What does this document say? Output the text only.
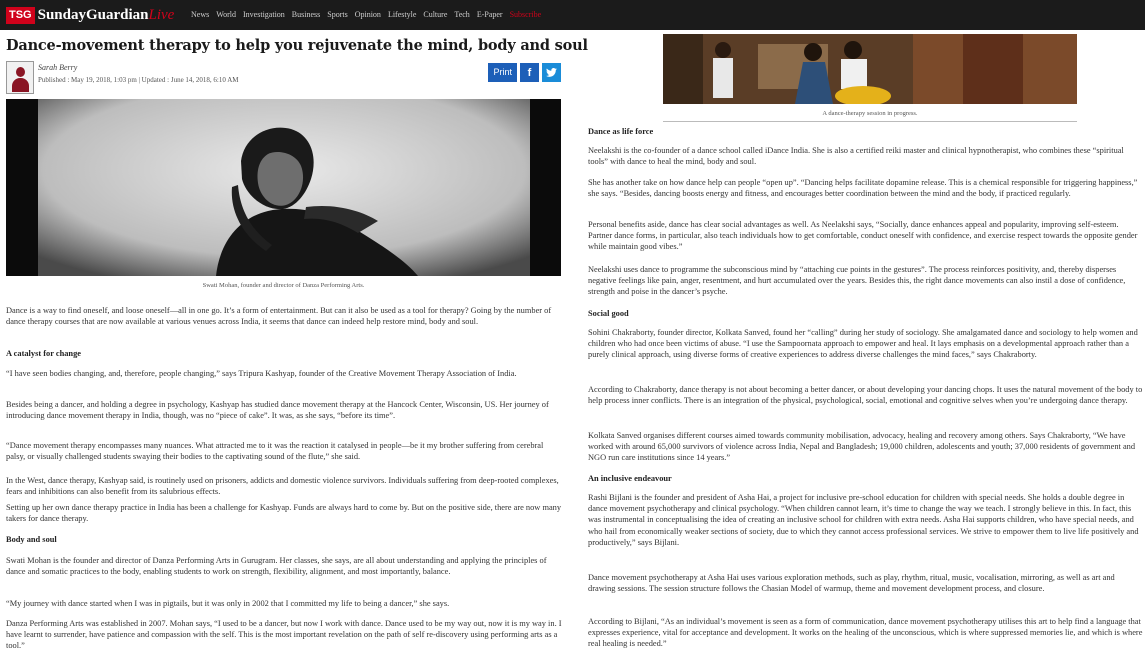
TSG SundayGuardianLive News World Investigation Business Sports Opinion Lifestyle Culture Tech E-Paper Subscribe
Dance-movement therapy to help you rejuvenate the mind, body and soul
Sarah Berry
Published : May 19, 2018, 1:03 pm | Updated : June 14, 2018, 6:10 AM
Print	f
Swati Mohan, founder and director of Danza Performing Arts.

Dance is a way to find oneself, and loose oneself—all in one go. It’s a form of entertainment. But can it also be used as a tool for therapy? Going by the number of dance therapy courses that are now available at various venues across India, it seems that dance can indeed help restore mind, body and soul.

A catalyst for change

“I have seen bodies changing, and, therefore, people changing,” says Tripura Kashyap, founder of the Creative Movement Therapy Association of India.

Besides being a dancer, and holding a degree in psychology, Kashyap has studied dance movement therapy at the Hancock Center, Wisconsin, US. Her journey of introducing dance movement therapy in India, though, was no “piece of cake”. It was, as she says, “before its time”.

“Dance movement therapy encompasses many nuances. What attracted me to it was the reaction it catalysed in people—be it my brother suffering from cerebral palsy, or visually challenged students swaying their bodies to the captivating sound of the flute,” she said.

In the West, dance therapy, Kashyap said, is routinely used on prisoners, addicts and domestic violence survivors. Individuals suffering from deep-rooted complexes, fears and inhibitions can also benefit from its salubrious effects.

Setting up her own dance therapy practice in India has been a challenge for Kashyap. Funds are always hard to come by. But on the positive side, there are now many takers for dance therapy.

Body and soul

Swati Mohan is the founder and director of Danza Performing Arts in Gurugram. Her classes, she says, are all about understanding and applying the principles of dance and somatic practices to the body, enabling students to work on strength, flexibility, alignment, and most importantly, balance.

“My journey with dance started when I was in pigtails, but it was only in 2002 that I committed my life to being a dancer,” she says.

Danza Performing Arts was established in 2007. Mohan says, “I used to be a dancer, but now I work with dance. Dance used to be my way out, now it is my way in. I have learnt to surrender, have patience and compassion with the self. This is the most important revelation on the path of self re-discovery using performing arts as a tool.”

A dance-therapy session in progress.
Dance as life force

Neelakshi is the co-founder of a dance school called iDance India. She is also a certified reiki master and clinical hypnotherapist, who combines these “spiritual tools” with dance to heal the mind, body and soul.

She has another take on how dance help can people “open up”. “Dancing helps facilitate dopamine release. This is a chemical responsible for triggering happiness,” she says. “Besides, dancing boosts energy and fitness, and encourages better coordination between the mind and the body, if practiced regularly.

Personal benefits aside, dance has clear social advantages as well. As Neelakshi says, “Socially, dance enhances appeal and popularity, improving self-esteem. Partner dance forms, in particular, also teach individuals how to get comfortable, conduct oneself with confidence, and exercise respect towards the opposite gender while maintain good vibes.”

Neelakshi uses dance to programme the subconscious mind by “attaching cue points in the gestures”. The process reinforces positivity, and, thereby disperses negative feelings like pain, anger, resentment, and hurt accumulated over the years. Besides this, the right dance movements can also instil a dose of confidence, strength and poise in the dancer’s psyche.

Social good

Sohini Chakraborty, founder director, Kolkata Sanved, found her “calling” during her study of sociology. She amalgamated dance and sociology to help women and children who had once been victims of abuse. “I use the Sampoornata approach to empower and heal. It lays emphasis on a developmental approach rather than a purely clinical approach, using diverse forms of creative experiences to address diverse challenges the mind faces,” says Chakraborty.

According to Chakraborty, dance therapy is not about becoming a better dancer, or about developing your dancing chops. It uses the natural movement of the body to help process inner conflicts. There is an integration of the physical, psychological, social, emotional and cognitive selves when you’re undergoing dance therapy.

Kolkata Sanved organises different courses aimed towards community mobilisation, advocacy, healing and recovery among others. Says Chakraborty, “We have worked with around 65,000 survivors of violence across India, Nepal and Bangladesh; 19,000 children, adolescents and youth; 37,000 residents of government and NGO run care institutions since 14 years.”

An inclusive endeavour

Rashi Bijlani is the founder and president of Asha Hai, a project for inclusive pre-school education for children with special needs. She holds a double degree in dance movement psychotherapy and clinical psychology. “When children cannot learn, it’s time to change the way we teach. I strongly believe in this. In fact, this was instrumental in conceptualising the idea of creating an inclusive school for children with extra needs. Asha Hai supports children, who have special needs, and who hail from economically weaker sections of society, due to which they cannot access professional services. We strive to empower them to live life positively and productively,” says Bijlani.

Dance movement psychotherapy at Asha Hai uses various exploration methods, such as play, rhythm, ritual, music, vocalisation, mirroring, as well as art and drawing sessions. The session structure follows the Chasian Model of warmup, theme and movement development process, and closure.

According to Bijlani, “As an individual’s movement is seen as a form of communication, dance movement psychotherapy utilises this art to help find a language that expresses experience, vital for acceptance and development. It works on the healing of the unconscious, which is where suppressed memories lie, and which is where real healing is needed.”
